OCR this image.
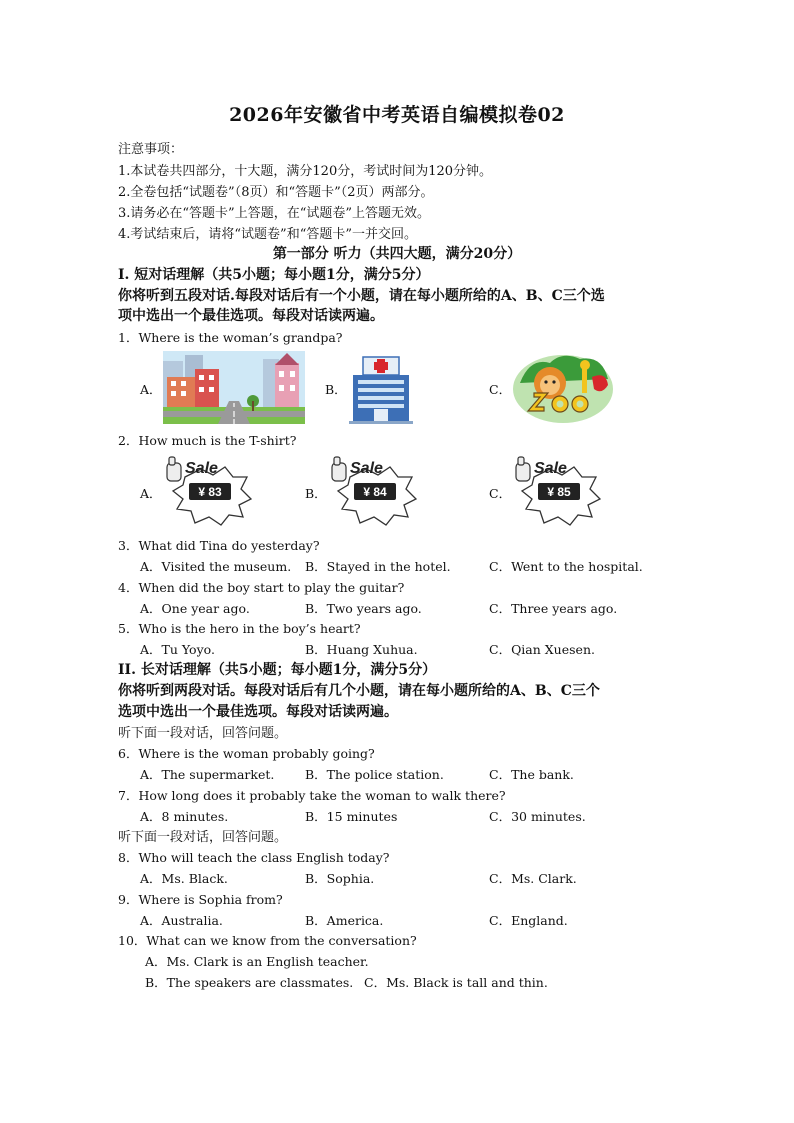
2026年安徽省中考英语自编模拟卷02
注意事项：
1.本试卷共四部分，十大题，满分120分，考试时间为120分钟。
2.全卷包括“试题卷”（8页）和“答题卡”（2页）两部分。
3.请务必在“答题卡”上答题，在“试题卷”上答题无效。
4.考试结束后，请将“试题卷”和“答题卡”一并交回。
第一部分 听力（共四大题，满分20分）
I. 短对话理解（共5小题；每小题1分，满分5分）
你将听到五段对话.每段对话后有一个小题，请在每小题所给的A、B、C三个选
项中选出一个最佳选项。每段对话读两遍。
1．Where is the woman’s grandpa?
A．	B．	C．
ZOO
2．How much is the T-shirt?
A．
Sale
¥ 83	B．
Sale
¥ 84	C．
Sale
¥ 85
3．What did Tina do yesterday?
A．Visited the museum. B．Stayed in the hotel.	C．Went to the hospital.
4．When did the boy start to play the guitar?
A．One year ago.	B．Two years ago.	C．Three years ago.
5．Who is the hero in the boy’s heart?
A．Tu Yoyo.	B．Huang Xuhua.	C．Qian Xuesen.
II. 长对话理解（共5小题；每小题1分，满分5分）
你将听到两段对话。每段对话后有几个小题，请在每小题所给的A、B、C三个
选项中选出一个最佳选项。每段对话读两遍。
听下面一段对话，回答问题。
6．Where is the woman probably going?
A．The supermarket. B．The police station.	C．The bank.
7．How long does it probably take the woman to walk there?
A．8 minutes.	B．15 minutes	C．30 minutes.
听下面一段对话，回答问题。
8．Who will teach the class English today?
A．Ms. Black.	B．Sophia.	C．Ms. Clark.
9．Where is Sophia from?
A．Australia.	B．America.	C．England.
10．What can we know from the conversation?
A．Ms. Clark is an English teacher.
B．The speakers are classmates. C．Ms. Black is tall and thin.
